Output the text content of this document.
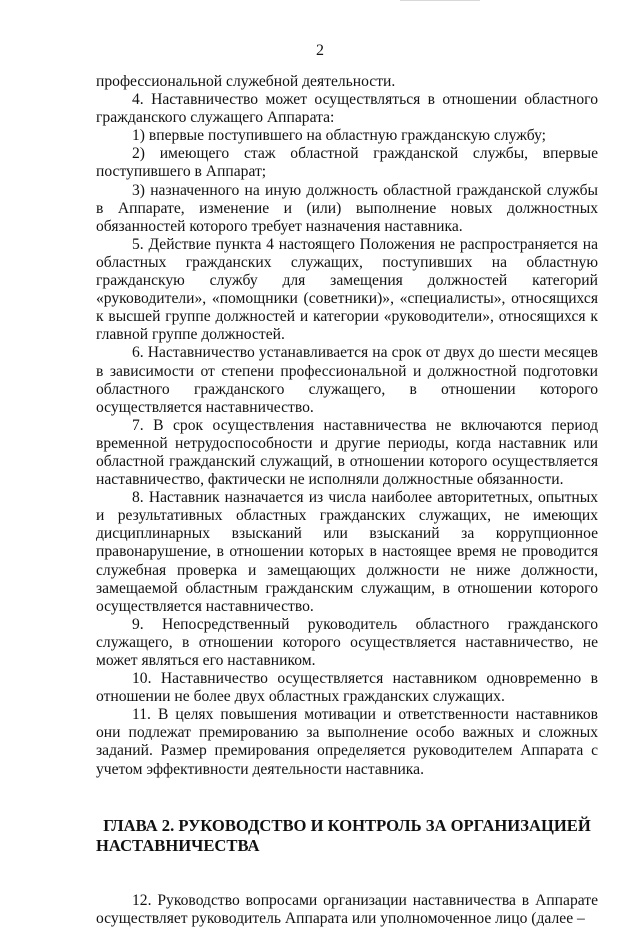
2

профессиональной служебной деятельности.

4. Наставничество может осуществляться в отношении областного гражданского служащего Аппарата:

1) впервые поступившего на областную гражданскую службу;

2) имеющего стаж областной гражданской службы, впервые поступившего в Аппарат;

3) назначенного на иную должность областной гражданской службы в Аппарате, изменение и (или) выполнение новых должностных обязанностей которого требует назначения наставника.

5. Действие пункта 4 настоящего Положения не распространяется на областных гражданских служащих, поступивших на областную гражданскую службу для замещения должностей категорий «руководители», «помощники (советники)», «специалисты», относящихся к высшей группе должностей и категории «руководители», относящихся к главной группе должностей.

6. Наставничество устанавливается на срок от двух до шести месяцев в зависимости от степени профессиональной и должностной подготовки областного гражданского служащего, в отношении которого осуществляется наставничество.

7. В срок осуществления наставничества не включаются период временной нетрудоспособности и другие периоды, когда наставник или областной гражданский служащий, в отношении которого осуществляется наставничество, фактически не исполняли должностные обязанности.

8. Наставник назначается из числа наиболее авторитетных, опытных и результативных областных гражданских служащих, не имеющих дисциплинарных взысканий или взысканий за коррупционное правонарушение, в отношении которых в настоящее время не проводится служебная проверка и замещающих должности не ниже должности, замещаемой областным гражданским служащим, в отношении которого осуществляется наставничество.

9. Непосредственный руководитель областного гражданского служащего, в отношении которого осуществляется наставничество, не может являться его наставником.

10. Наставничество осуществляется наставником одновременно в отношении не более двух областных гражданских служащих.

11. В целях повышения мотивации и ответственности наставников они подлежат премированию за выполнение особо важных и сложных заданий. Размер премирования определяется руководителем Аппарата с учетом эффективности деятельности наставника.

ГЛАВА 2. РУКОВОДСТВО И КОНТРОЛЬ ЗА ОРГАНИЗАЦИЕЙ НАСТАВНИЧЕСТВА

12. Руководство вопросами организации наставничества в Аппарате осуществляет руководитель Аппарата или уполномоченное лицо (далее –
